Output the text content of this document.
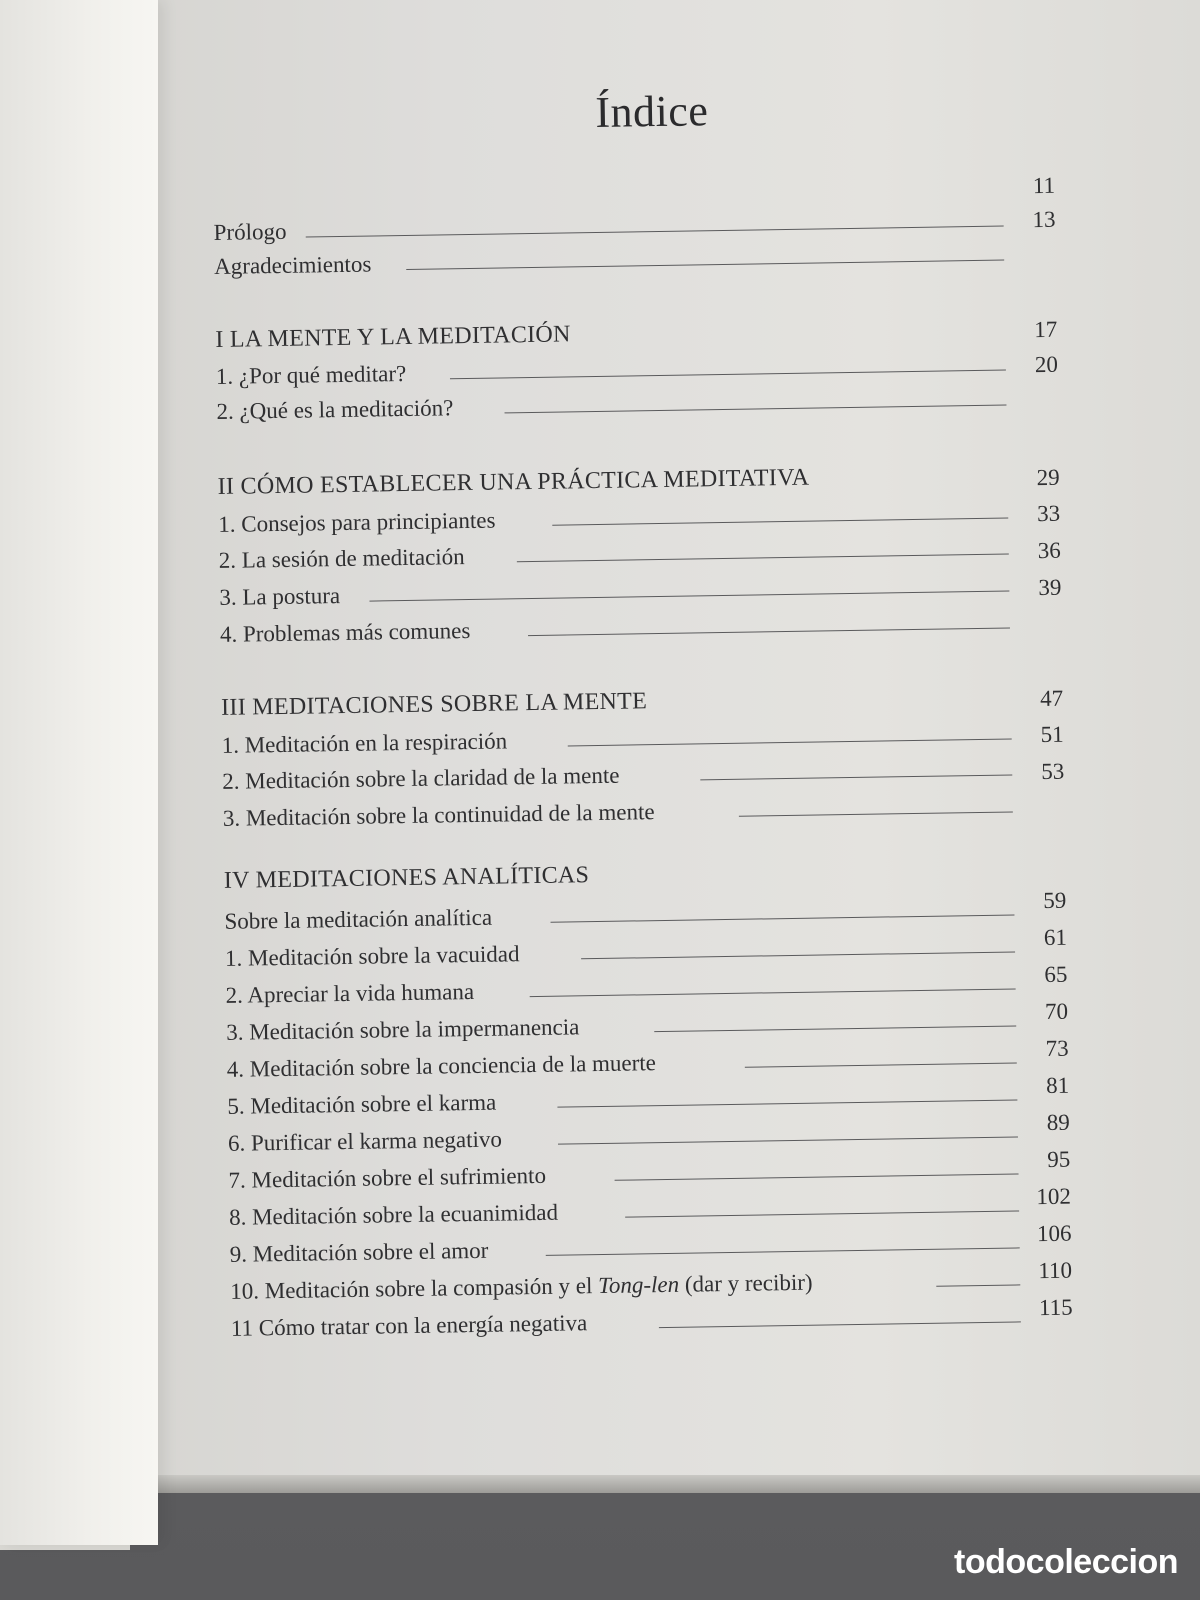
Índice
Prólogo
11
Agradecimientos
13
I LA MENTE Y LA MEDITACIÓN
1. ¿Por qué meditar?
17
2. ¿Qué es la meditación?
20
II CÓMO ESTABLECER UNA PRÁCTICA MEDITATIVA
1. Consejos para principiantes
29
2. La sesión de meditación
33
3. La postura
36
4. Problemas más comunes
39
III MEDITACIONES SOBRE LA MENTE
1. Meditación en la respiración
47
2. Meditación sobre la claridad de la mente
51
3. Meditación sobre la continuidad de la mente
53
IV MEDITACIONES ANALÍTICAS
Sobre la meditación analítica
59
1. Meditación sobre la vacuidad
61
2. Apreciar la vida humana
65
3. Meditación sobre la impermanencia
70
4. Meditación sobre la conciencia de la muerte
73
5. Meditación sobre el karma
81
6. Purificar el karma negativo
89
7. Meditación sobre el sufrimiento
95
8. Meditación sobre la ecuanimidad
102
9. Meditación sobre el amor
106
10. Meditación sobre la compasión y el Tong-len (dar y recibir)	110
11 Cómo tratar con la energía negativa
115
todocoleccion
